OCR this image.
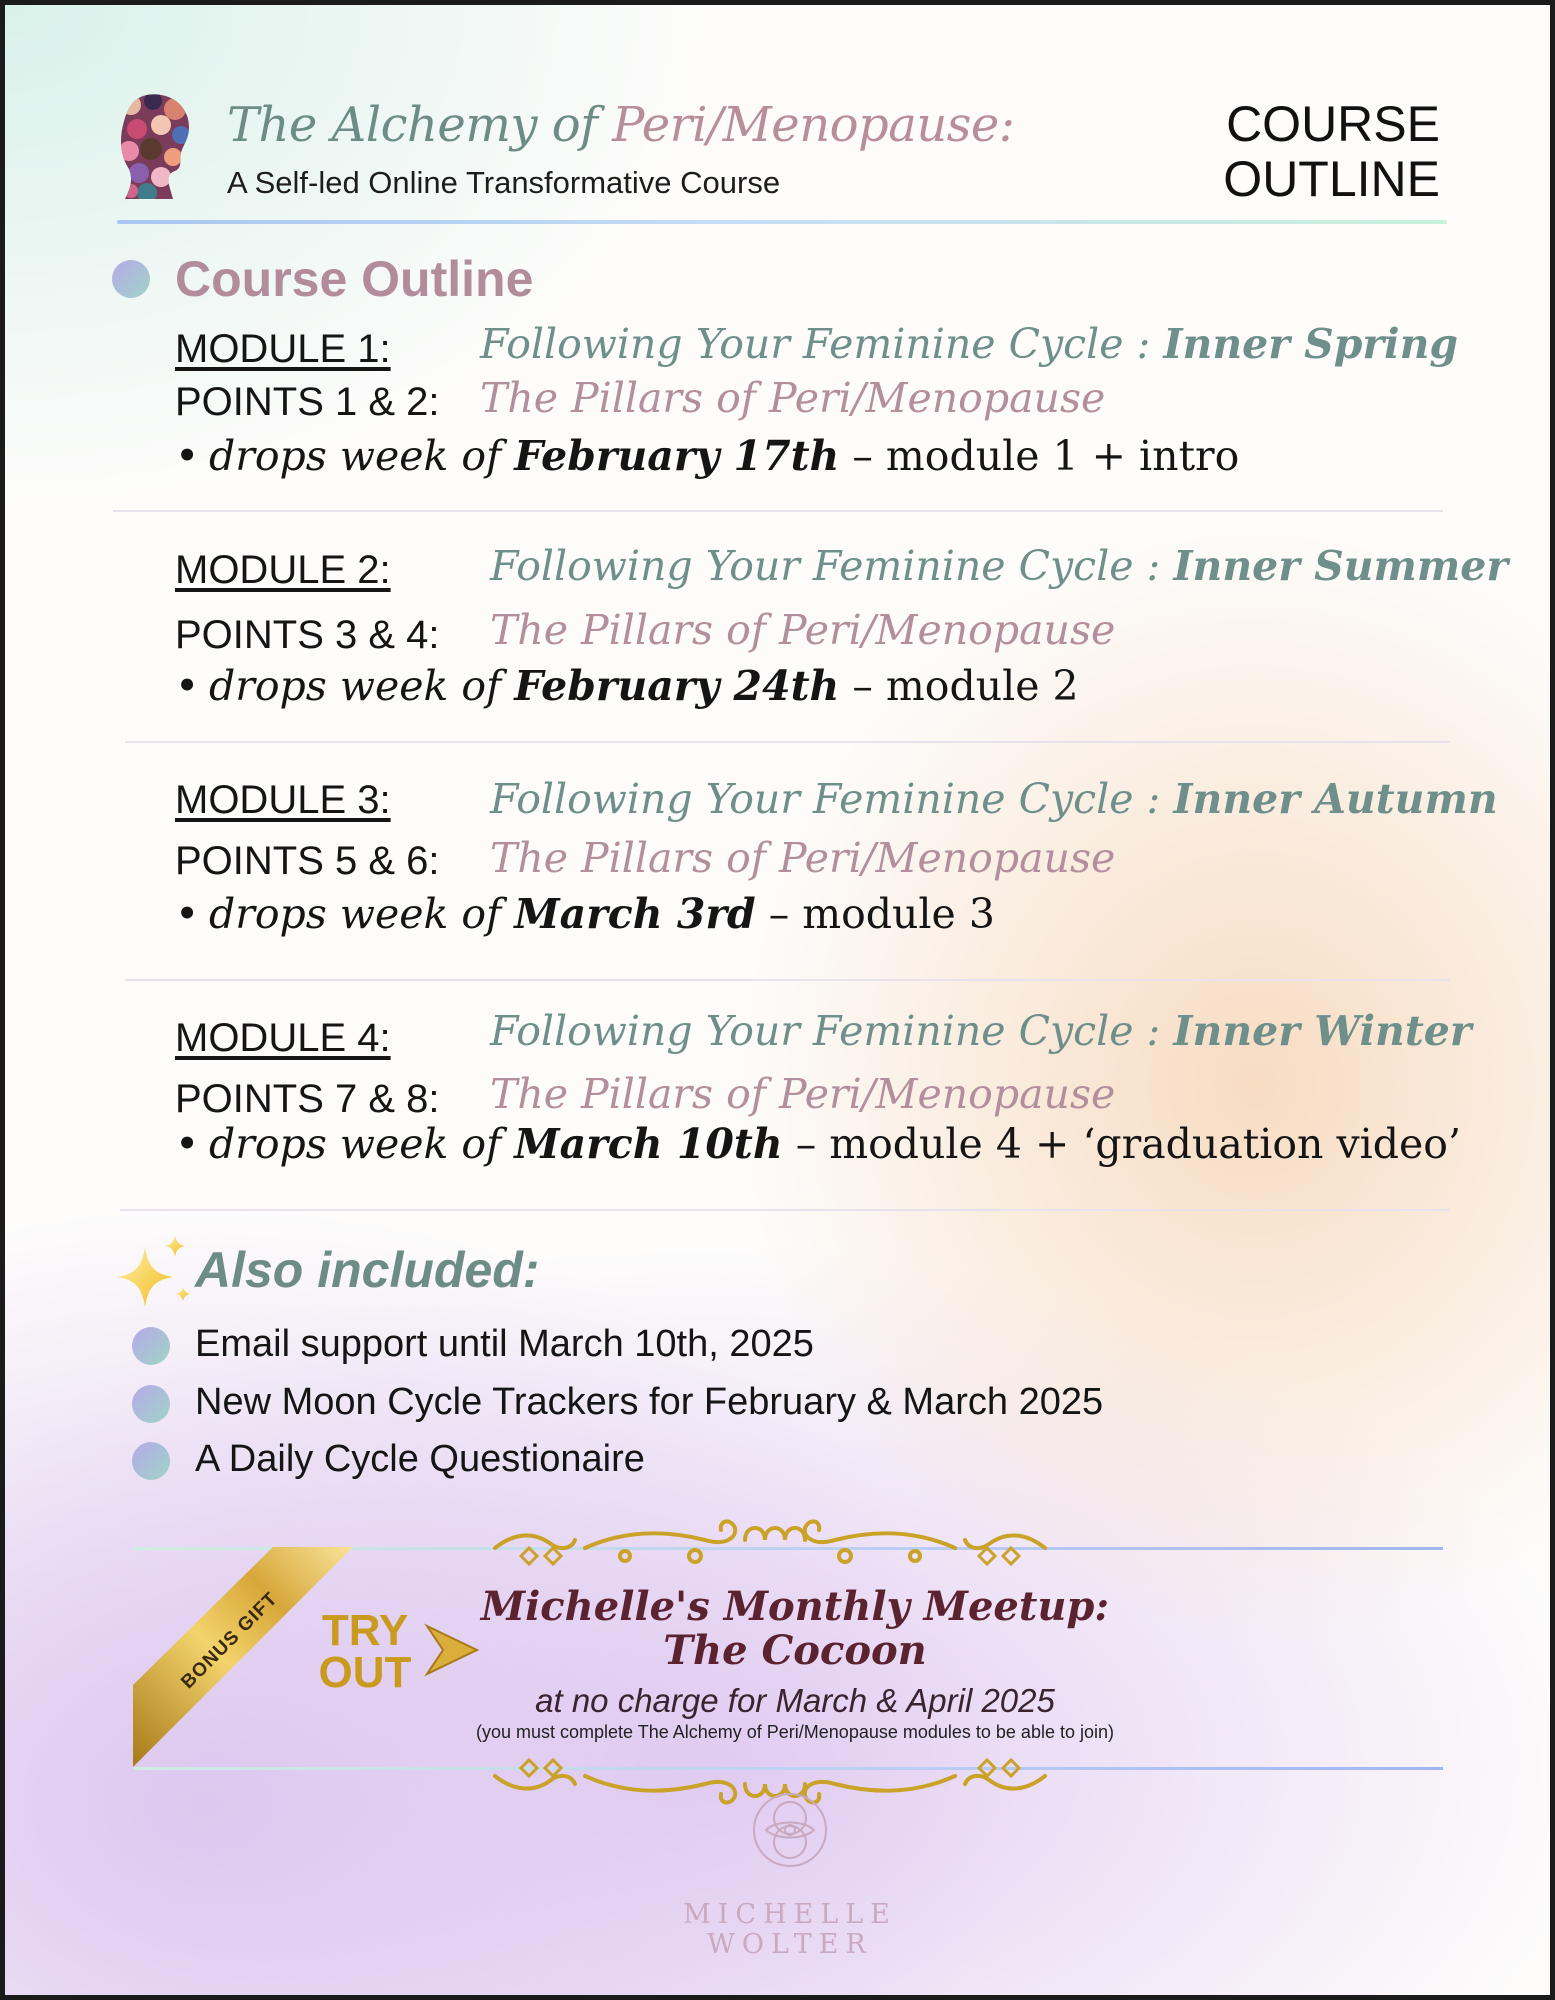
The Alchemy of Peri/Menopause:
A Self-led Online Transformative Course
COURSE
OUTLINE
Course Outline
MODULE 1: Following Your Feminine Cycle : Inner Spring
POINTS 1 & 2: The Pillars of Peri/Menopause
• drops week of February 17th – module 1 + intro
MODULE 2: Following Your Feminine Cycle : Inner Summer
POINTS 3 & 4: The Pillars of Peri/Menopause
• drops week of February 24th – module 2
MODULE 3: Following Your Feminine Cycle : Inner Autumn
POINTS 5 & 6: The Pillars of Peri/Menopause
• drops week of March 3rd – module 3
MODULE 4: Following Your Feminine Cycle : Inner Winter
POINTS 7 & 8: The Pillars of Peri/Menopause
• drops week of March 10th – module 4 + ‘graduation video’
Also included:
Email support until March 10th, 2025
New Moon Cycle Trackers for February & March 2025
A Daily Cycle Questionaire
BONUS GIFT TRY
OUT
Michelle's Monthly Meetup:
The Cocoon
at no charge for March & April 2025
(you must complete The Alchemy of Peri/Menopause modules to be able to join)
MICHELLE
WOLTER
